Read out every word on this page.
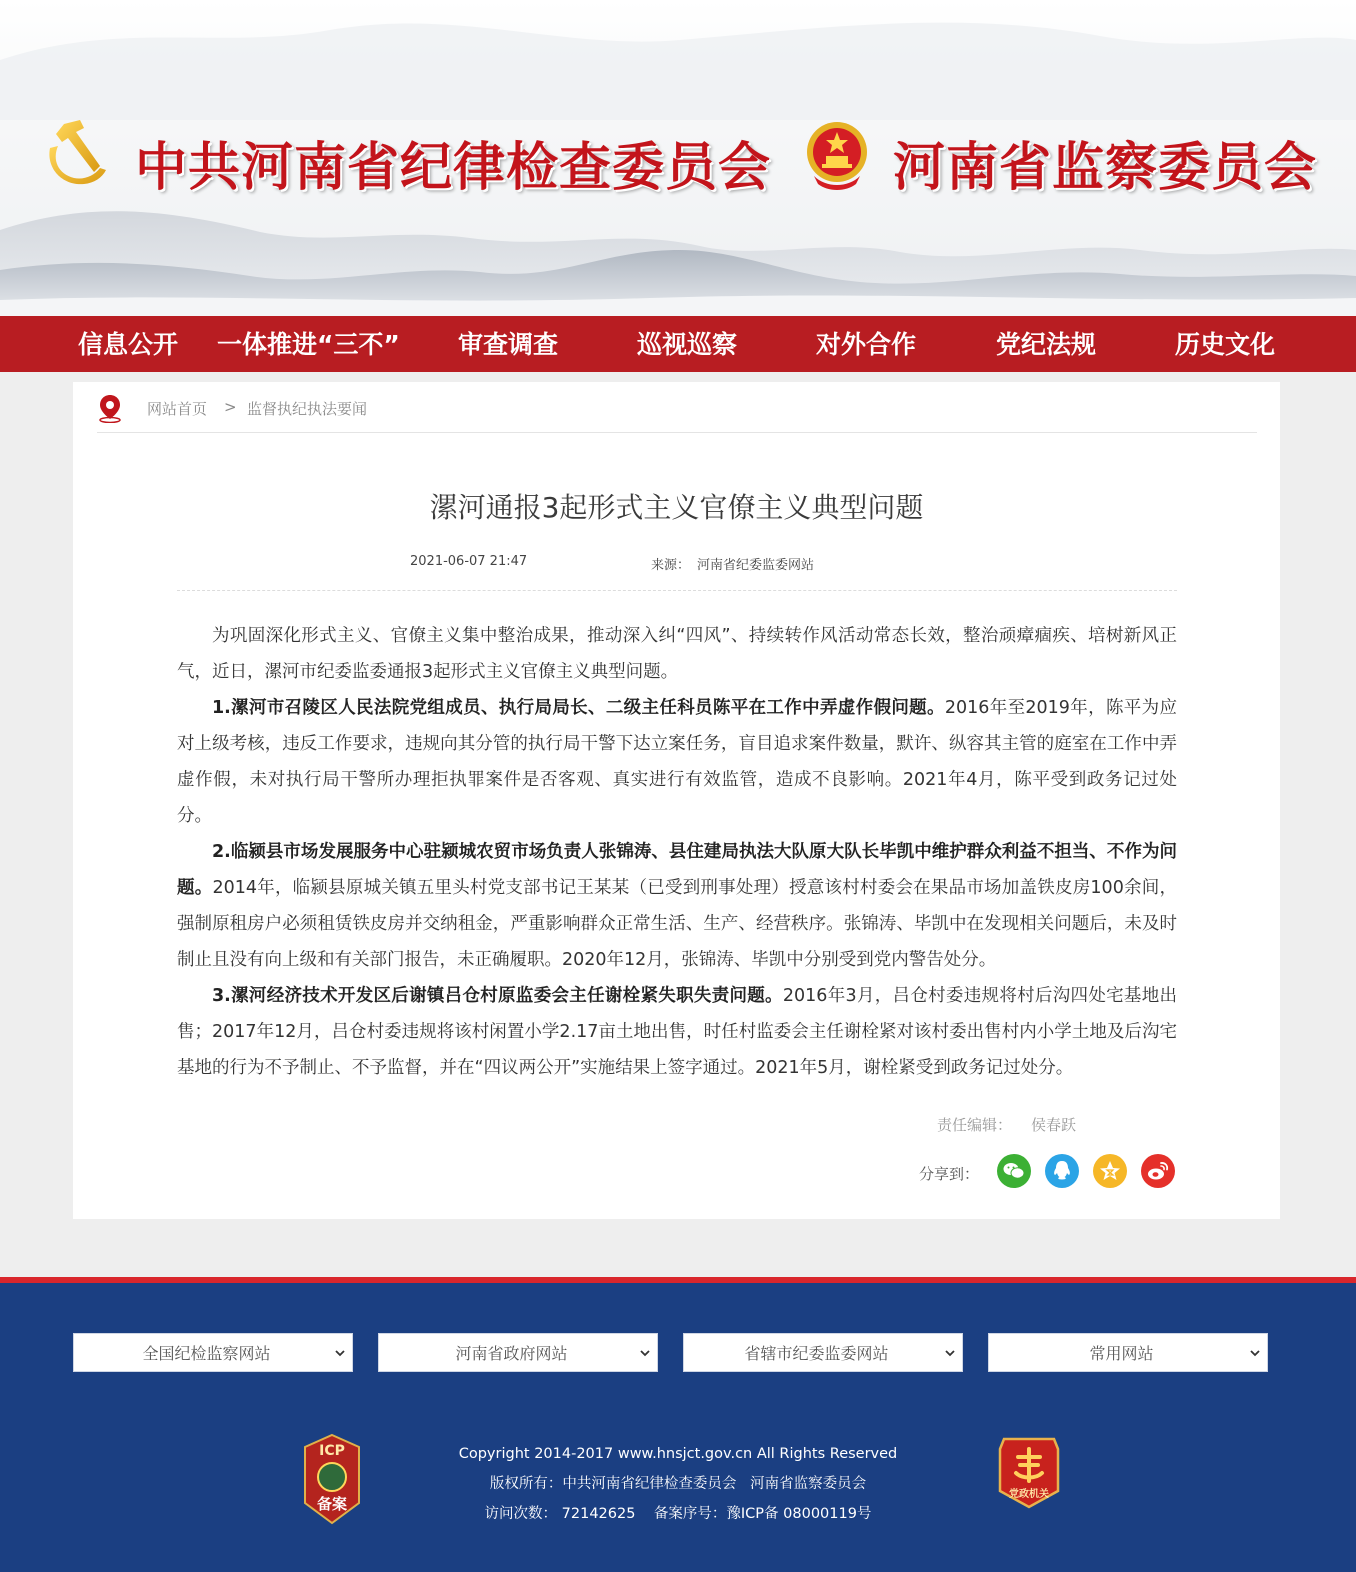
中共河南省纪律检查委员会 河南省监察委员会
信息公开 一体推进“三不” 审查调查	巡视巡察	对外合作	党纪法规	历史文化
网站首页 > 监督执纪执法要闻
漯河通报3起形式主义官僚主义典型问题
2021-06-07 21:47	来源： 河南省纪委监委网站

为巩固深化形式主义、官僚主义集中整治成果，推动深入纠“四风”、持续转作风活动常态长效，整治顽瘴痼疾、培树新风正气，近日，漯河市纪委监委通报3起形式主义官僚主义典型问题。

1.漯河市召陵区人民法院党组成员、执行局局长、二级主任科员陈平在工作中弄虚作假问题。2016年至2019年，陈平为应对上级考核，违反工作要求，违规向其分管的执行局干警下达立案任务，盲目追求案件数量，默许、纵容其主管的庭室在工作中弄虚作假，未对执行局干警所办理拒执罪案件是否客观、真实进行有效监管，造成不良影响。2021年4月，陈平受到政务记过处分。

2.临颍县市场发展服务中心驻颍城农贸市场负责人张锦涛、县住建局执法大队原大队长毕凯中维护群众利益不担当、不作为问题。2014年，临颍县原城关镇五里头村党支部书记王某某（已受到刑事处理）授意该村村委会在果品市场加盖铁皮房100余间，强制原租房户必须租赁铁皮房并交纳租金，严重影响群众正常生活、生产、经营秩序。张锦涛、毕凯中在发现相关问题后，未及时制止且没有向上级和有关部门报告，未正确履职。2020年12月，张锦涛、毕凯中分别受到党内警告处分。

3.漯河经济技术开发区后谢镇吕仓村原监委会主任谢栓紧失职失责问题。2016年3月，吕仓村委违规将村后沟四处宅基地出售；2017年12月，吕仓村委违规将该村闲置小学2.17亩土地出售，时任村监委会主任谢栓紧对该村委出售村内小学土地及后沟宅基地的行为不予制止、不予监督，并在“四议两公开”实施结果上签字通过。2021年5月，谢栓紧受到政务记过处分。

责任编辑： 侯春跃
分享到：
全国纪检监察网站	河南省政府网站	省辖市纪委监委网站	常用网站
ICP
备案
Copyright 2014-2017 www.hnsjct.gov.cn All Rights Reserved
版权所有：中共河南省纪律检查委员会   河南省监察委员会
访问次数： 72142625 备案序号：豫ICP备 08000119号
党政机关
